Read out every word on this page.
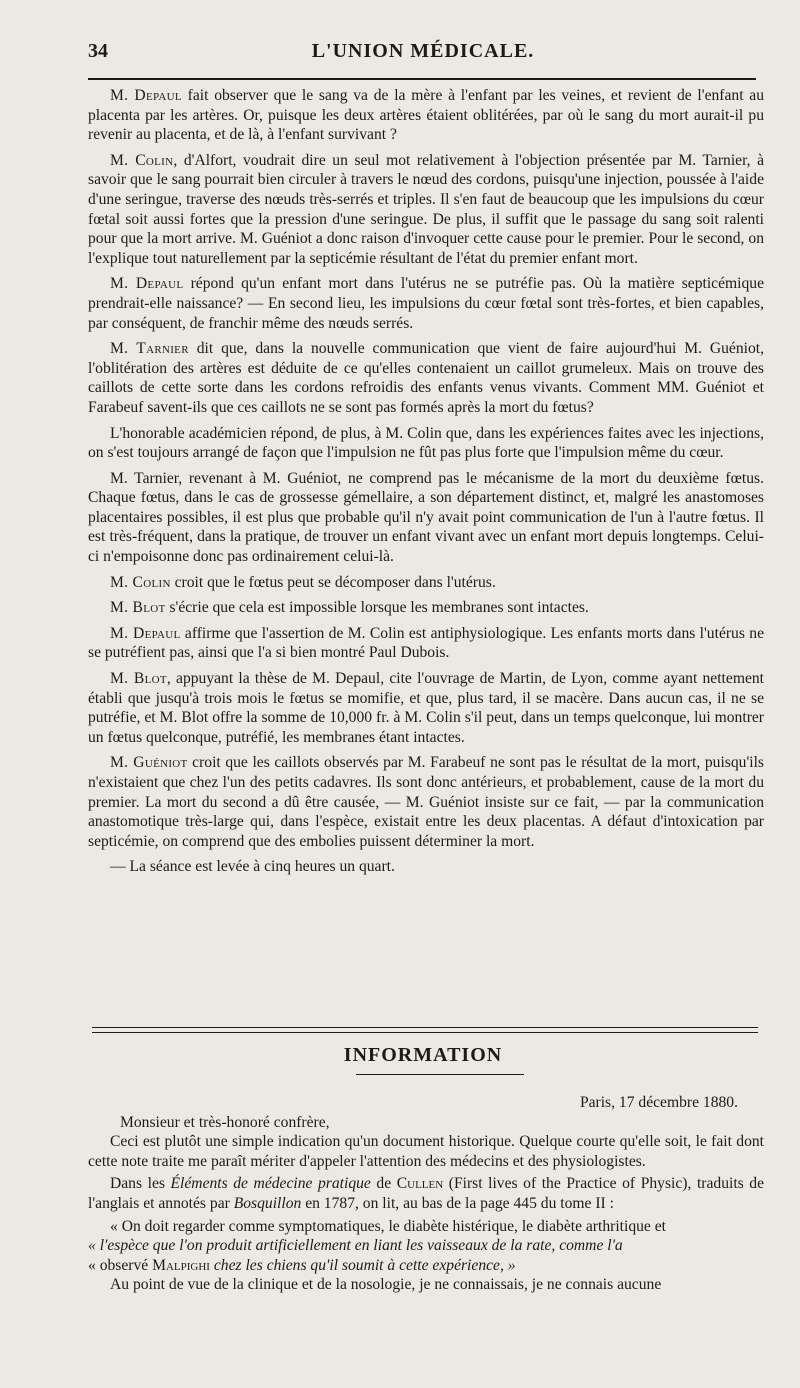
34	L'UNION MÉDICALE.

M. Depaul fait observer que le sang va de la mère à l'enfant par les veines, et revient de l'enfant au placenta par les artères. Or, puisque les deux artères étaient oblitérées, par où le sang du mort aurait-il pu revenir au placenta, et de là, à l'enfant survivant ?

M. Colin, d'Alfort, voudrait dire un seul mot relativement à l'objection présentée par M. Tarnier, à savoir que le sang pourrait bien circuler à travers le nœud des cordons, puisqu'une injection, poussée à l'aide d'une seringue, traverse des nœuds très-serrés et triples. Il s'en faut de beaucoup que les impulsions du cœur fœtal soit aussi fortes que la pression d'une seringue. De plus, il suffit que le passage du sang soit ralenti pour que la mort arrive. M. Guéniot a donc raison d'invoquer cette cause pour le premier. Pour le second, on l'explique tout naturellement par la septicémie résultant de l'état du premier enfant mort.

M. Depaul répond qu'un enfant mort dans l'utérus ne se putréfie pas. Où la matière septicémique prendrait-elle naissance? — En second lieu, les impulsions du cœur fœtal sont très-fortes, et bien capables, par conséquent, de franchir même des nœuds serrés.

M. Tarnier dit que, dans la nouvelle communication que vient de faire aujourd'hui M. Guéniot, l'oblitération des artères est déduite de ce qu'elles contenaient un caillot grumeleux. Mais on trouve des caillots de cette sorte dans les cordons refroidis des enfants venus vivants. Comment MM. Guéniot et Farabeuf savent-ils que ces caillots ne se sont pas formés après la mort du fœtus?

L'honorable académicien répond, de plus, à M. Colin que, dans les expériences faites avec les injections, on s'est toujours arrangé de façon que l'impulsion ne fût pas plus forte que l'impulsion même du cœur.

M. Tarnier, revenant à M. Guéniot, ne comprend pas le mécanisme de la mort du deuxième fœtus. Chaque fœtus, dans le cas de grossesse gémellaire, a son département distinct, et, malgré les anastomoses placentaires possibles, il est plus que probable qu'il n'y avait point communication de l'un à l'autre fœtus. Il est très-fréquent, dans la pratique, de trouver un enfant vivant avec un enfant mort depuis longtemps. Celui-ci n'empoisonne donc pas ordinairement celui-là.

M. Colin croit que le fœtus peut se décomposer dans l'utérus.

M. Blot s'écrie que cela est impossible lorsque les membranes sont intactes.

M. Depaul affirme que l'assertion de M. Colin est antiphysiologique. Les enfants morts dans l'utérus ne se putréfient pas, ainsi que l'a si bien montré Paul Dubois.

M. Blot, appuyant la thèse de M. Depaul, cite l'ouvrage de Martin, de Lyon, comme ayant nettement établi que jusqu'à trois mois le fœtus se momifie, et que, plus tard, il se macère. Dans aucun cas, il ne se putréfie, et M. Blot offre la somme de 10,000 fr. à M. Colin s'il peut, dans un temps quelconque, lui montrer un fœtus quelconque, putréfié, les membranes étant intactes.

M. Guéniot croit que les caillots observés par M. Farabeuf ne sont pas le résultat de la mort, puisqu'ils n'existaient que chez l'un des petits cadavres. Ils sont donc antérieurs, et probablement, cause de la mort du premier. La mort du second a dû être causée, — M. Guéniot insiste sur ce fait, — par la communication anastomotique très-large qui, dans l'espèce, existait entre les deux placentas. A défaut d'intoxication par septicémie, on comprend que des embolies puissent déterminer la mort.

— La séance est levée à cinq heures un quart.

INFORMATION

Paris, 17 décembre 1880.

Monsieur et très-honoré confrère,

Ceci est plutôt une simple indication qu'un document historique. Quelque courte qu'elle soit, le fait dont cette note traite me paraît mériter d'appeler l'attention des médecins et des physiologistes.

Dans les Éléments de médecine pratique de Cullen (First lives of the Practice of Physic), traduits de l'anglais et annotés par Bosquillon en 1787, on lit, au bas de la page 445 du tome II :

« On doit regarder comme symptomatiques, le diabète histérique, le diabète arthritique et

« l'espèce que l'on produit artificiellement en liant les vaisseaux de la rate, comme l'a

« observé Malpighi chez les chiens qu'il soumit à cette expérience, »

Au point de vue de la clinique et de la nosologie, je ne connaissais, je ne connais aucune
